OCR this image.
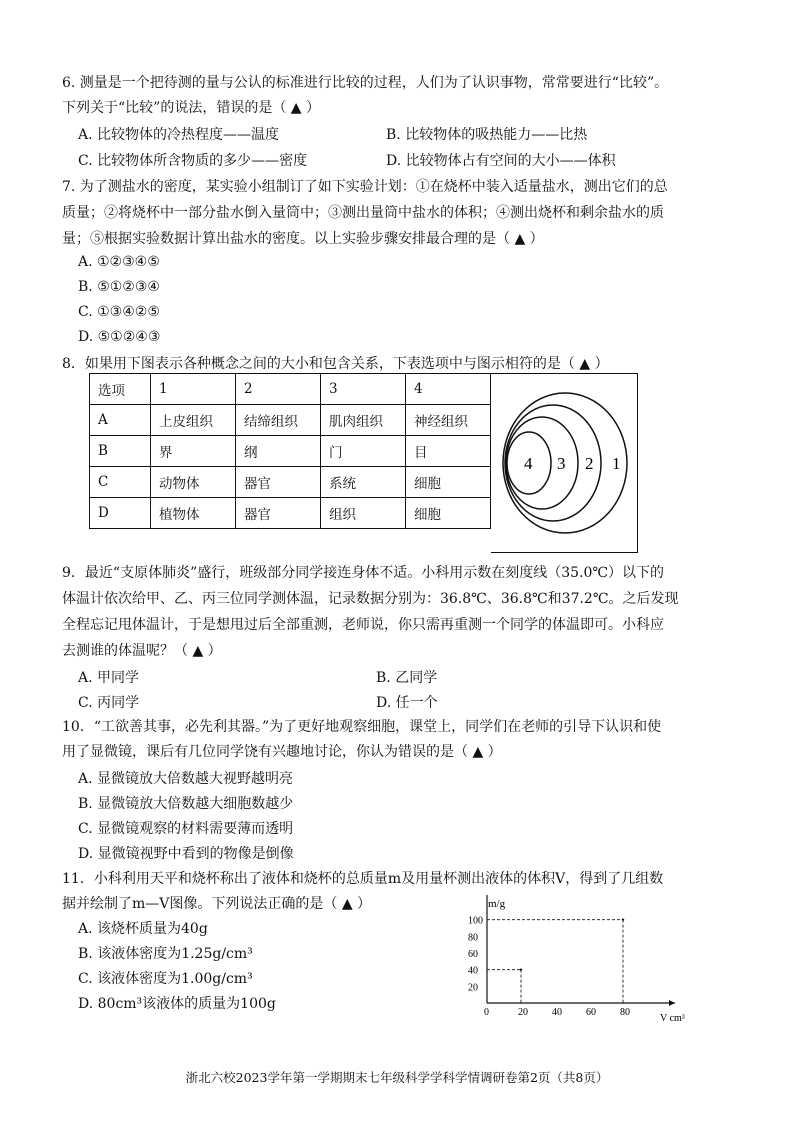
6. 测量是一个把待测的量与公认的标准进行比较的过程，人们为了认识事物，常常要进行“比较”。
下列关于“比较”的说法，错误的是（ ▲ ）
A. 比较物体的冷热程度——温度	B. 比较物体的吸热能力——比热
C. 比较物体所含物质的多少——密度	D. 比较物体占有空间的大小——体积
7. 为了测盐水的密度，某实验小组制订了如下实验计划：①在烧杯中装入适量盐水，测出它们的总
质量；②将烧杯中一部分盐水倒入量筒中；③测出量筒中盐水的体积；④测出烧杯和剩余盐水的质
量；⑤根据实验数据计算出盐水的密度。以上实验步骤安排最合理的是（ ▲ ）
A. ①②③④⑤
B. ⑤①②③④
C. ①③④②⑤
D. ⑤①②④③
8．如果用下图表示各种概念之间的大小和包含关系，下表选项中与图示相符的是（ ▲ ）
选项	1	2	3	4
A	上皮组织	结缔组织	肌肉组织	神经组织
B	界	纲	门	目
C	动物体	器官	系统	细胞
D	植物体	器官	组织	细胞
4 3 2 1
9．最近“支原体肺炎”盛行，班级部分同学接连身体不适。小科用示数在刻度线（35.0℃）以下的
体温计依次给甲、乙、丙三位同学测体温，记录数据分别为：36.8℃、36.8℃和37.2℃。之后发现
全程忘记甩体温计，于是想甩过后全部重测，老师说，你只需再重测一个同学的体温即可。小科应
去测谁的体温呢？（ ▲ ）
A. 甲同学	B. 乙同学
C. 丙同学	D. 任一个
10．“工欲善其事，必先利其器。”为了更好地观察细胞，课堂上，同学们在老师的引导下认识和使
用了显微镜，课后有几位同学饶有兴趣地讨论，你认为错误的是（ ▲ ）
A. 显微镜放大倍数越大视野越明亮
B. 显微镜放大倍数越大细胞数越少
C. 显微镜观察的材料需要薄而透明
D. 显微镜视野中看到的物像是倒像
11．小科利用天平和烧杯称出了液体和烧杯的总质量m及用量杯测出液体的体积V，得到了几组数
据并绘制了m—V图像。下列说法正确的是（ ▲ ）
A. 该烧杯质量为40g
B. 该液体密度为1.25g/cm³
C. 该液体密度为1.00g/cm³
D. 80cm³该液体的质量为100g
m/g
V cm³
0	20 40 60 80
20
40
60
80
100
浙北六校2023学年第一学期期末七年级科学学科学情调研卷第2页（共8页）
